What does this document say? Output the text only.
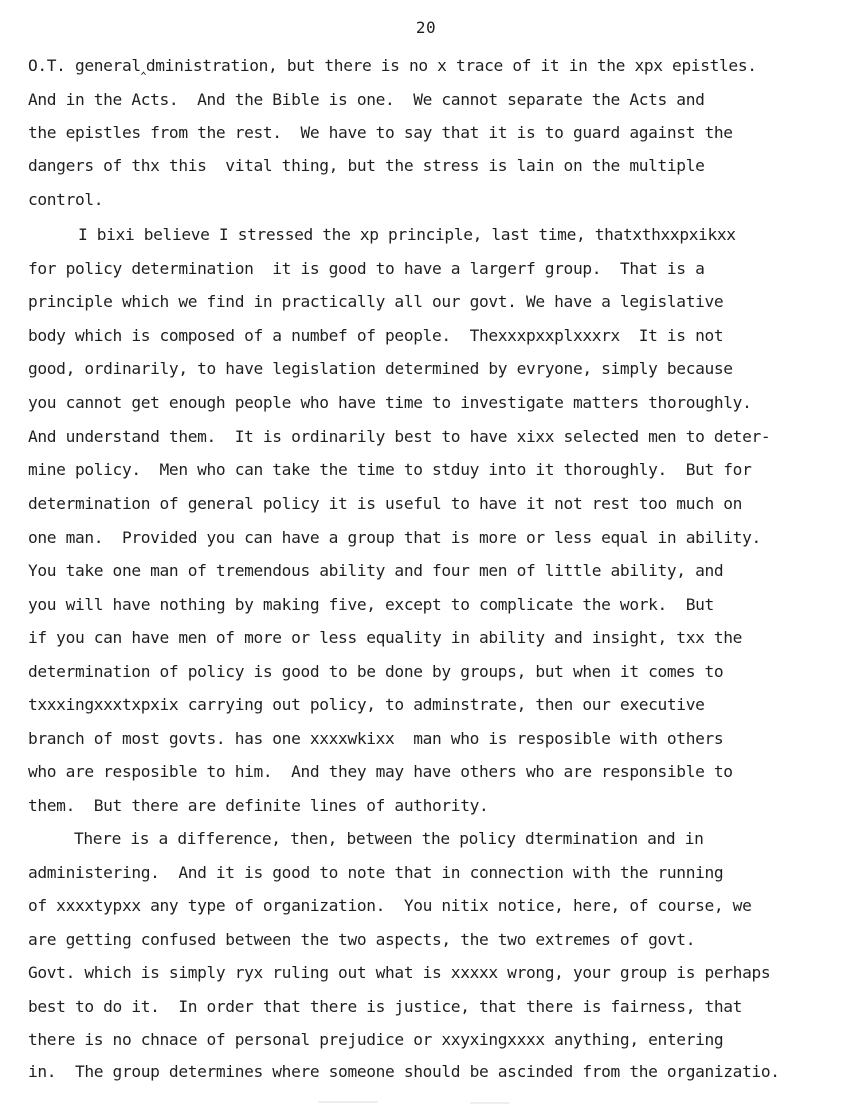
20
O.T. general‸dministration, but there is no x trace of it in the xpx epistles.
And in the Acts.  And the Bible is one.  We cannot separate the Acts and
the epistles from the rest.  We have to say that it is to guard against the
dangers of thx this  vital thing, but the stress is lain on the multiple
control.
I bixi believe I stressed the xp principle, last time, thatxthxxpxikxx
for policy determination  it is good to have a largerf group.  That is a
principle which we find in practically all our govt. We have a legislative
body which is composed of a numbef of people.  Thexxxpxxplxxxrx  It is not
good, ordinarily, to have legislation determined by evryone, simply because
you cannot get enough people who have time to investigate matters thoroughly.
And understand them.  It is ordinarily best to have xixx selected men to deter-
mine policy.  Men who can take the time to stduy into it thoroughly.  But for
determination of general policy it is useful to have it not rest too much on
one man.  Provided you can have a group that is more or less equal in ability.
You take one man of tremendous ability and four men of little ability, and
you will have nothing by making five, except to complicate the work.  But
if you can have men of more or less equality in ability and insight, txx the
determination of policy is good to be done by groups, but when it comes to
txxxingxxxtxpxix carrying out policy, to adminstrate, then our executive
branch of most govts. has one xxxxwkixx  man who is resposible with others
who are resposible to him.  And they may have others who are responsible to
them.  But there are definite lines of authority.
There is a difference, then, between the policy dtermination and in
administering.  And it is good to note that in connection with the running
of xxxxtypxx any type of organization.  You nitix notice, here, of course, we
are getting confused between the two aspects, the two extremes of govt.
Govt. which is simply ryx ruling out what is xxxxx wrong, your group is perhaps
best to do it.  In order that there is justice, that there is fairness, that
there is no chnace of personal prejudice or xxyxingxxxx anything, entering
in.  The group determines where someone should be ascinded from the organizatio.
